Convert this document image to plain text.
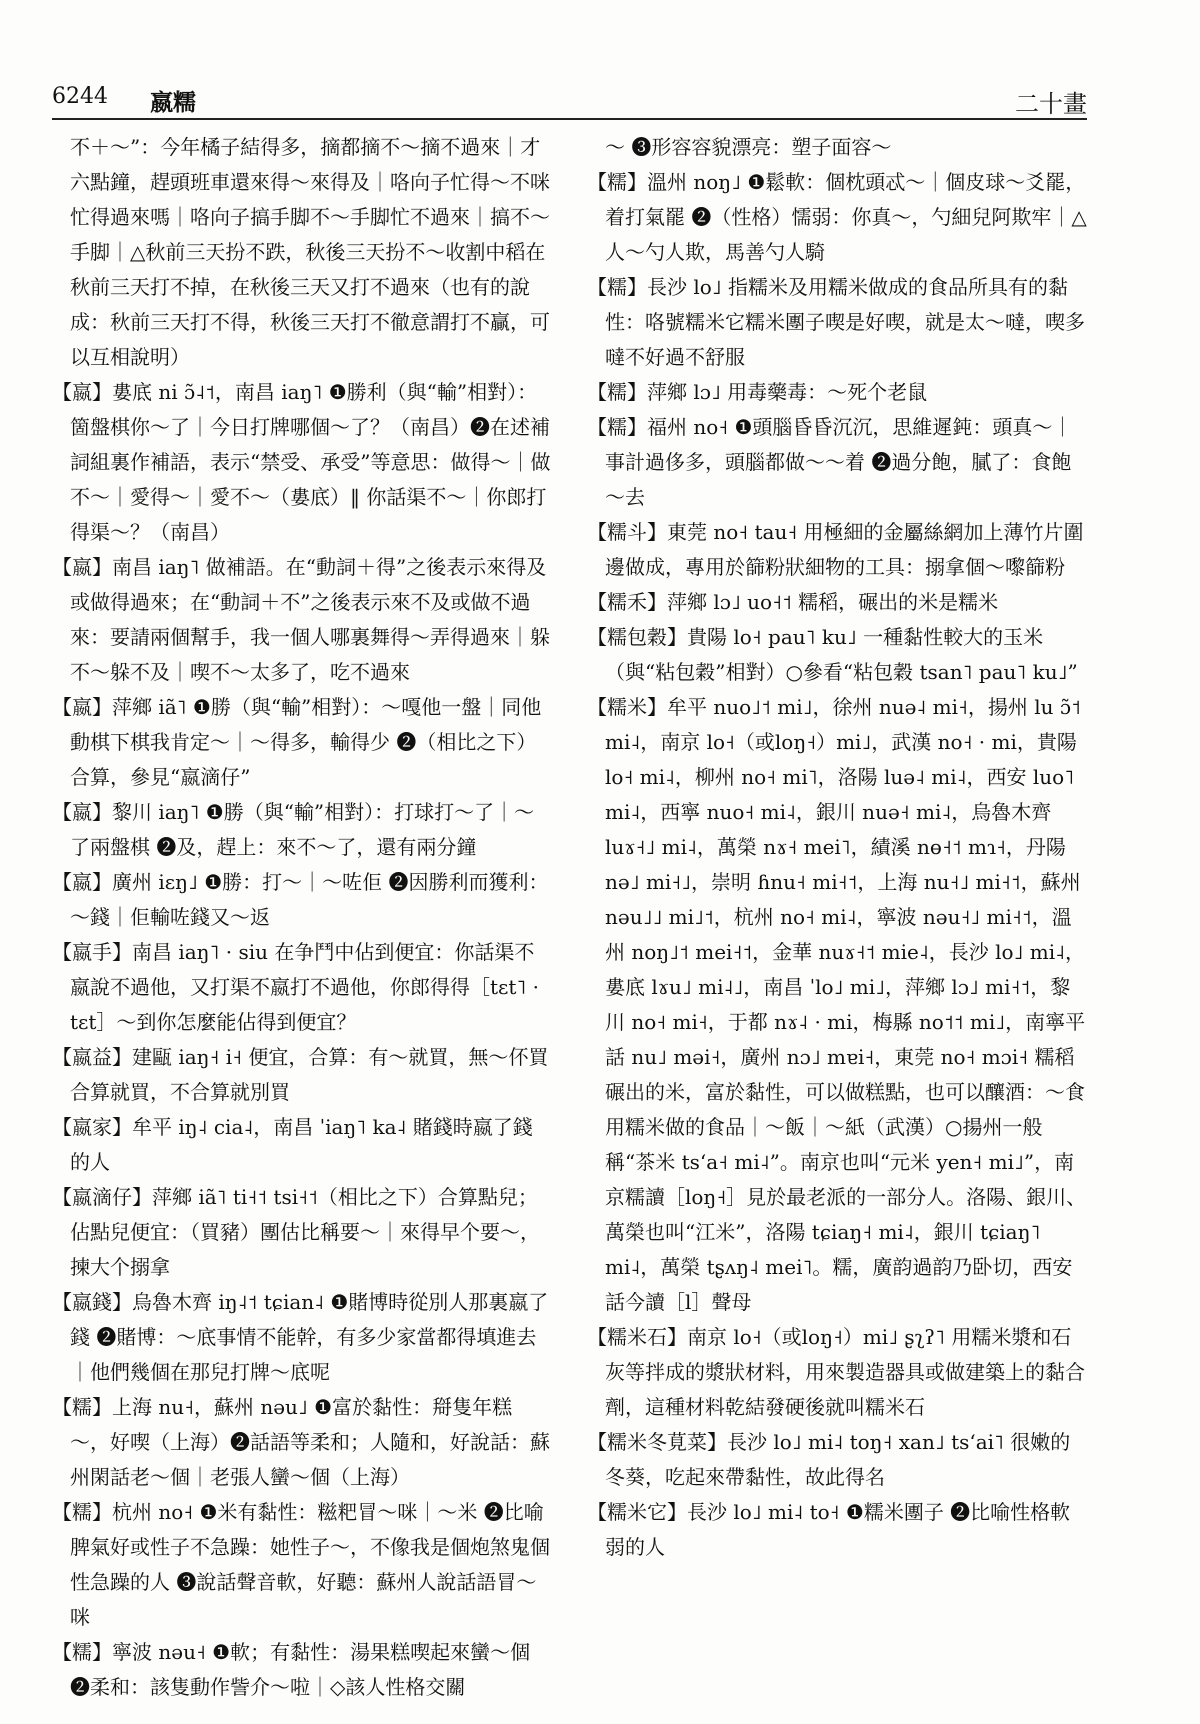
6244 嬴糯	二十畫

不＋～”：今年橘子結得多，摘都摘不～摘不過來｜才六點鐘，趕頭班車還來得～來得及｜咯向子忙得～不咪忙得過來嗎｜咯向子搞手脚不～手脚忙不過來｜搞不～手脚｜△秋前三天扮不跌，秋後三天扮不～收割中稻在秋前三天打不掉，在秋後三天又打不過來（也有的說成：秋前三天打不得，秋後三天打不徹意謂打不贏，可以互相說明）

【嬴】婁底 ni ɔ̃˨˦，南昌 iaŋ˥ ❶勝利（與“輸”相對）：箇盤棋你～了｜今日打牌哪個～了？（南昌）❷在述補詞組裏作補語，表示“禁受、承受”等意思：做得～｜做不～｜愛得～｜愛不～（婁底）‖ 你話渠不～｜你郎打得渠～？（南昌）

【嬴】南昌 iaŋ˥ 做補語。在“動詞＋得”之後表示來得及或做得過來；在“動詞＋不”之後表示來不及或做不過來：要請兩個幫手，我一個人哪裏舞得～弄得過來｜躲不～躲不及｜喫不～太多了，吃不過來

【嬴】萍鄉 iã˥ ❶勝（與“輸”相對）：～嘎他一盤｜同他動棋下棋我肯定～｜～得多，輸得少 ❷（相比之下）合算，參見“嬴滴仔”

【嬴】黎川 iaŋ˥ ❶勝（與“輸”相對）：打球打～了｜～了兩盤棋 ❷及，趕上：來不～了，還有兩分鐘

【嬴】廣州 iɛŋ˩ ❶勝：打～｜～咗佢 ❷因勝利而獲利：～錢｜佢輸咗錢又～返

【嬴手】南昌 iaŋ˥ · siu 在争鬥中佔到便宜：你話渠不嬴說不過他，又打渠不嬴打不過他，你郎得得［tɛt˥ · tɛt］～到你怎麼能佔得到便宜？

【嬴益】建甌 iaŋ˧ i˧ 便宜，合算：有～就買，無～伓買合算就買，不合算就別買

【嬴家】牟平 iŋ˨ cia˨，南昌 ˈiaŋ˥ ka˨ 賭錢時嬴了錢的人

【嬴滴仔】萍鄉 iã˥ ti˧˦ tsi˧˦（相比之下）合算點兒；佔點兒便宜：（買豬）團估比稱要～｜來得早个要～，揀大个搦拿

【嬴錢】烏魯木齊 iŋ˨˦ tɕian˨ ❶賭博時從別人那裏嬴了錢 ❷賭博：～底事情不能幹，有多少家當都得填進去｜他們幾個在那兒打牌～底呢

【糯】上海 nu˧，蘇州 nəu˩ ❶富於黏性：搿隻年糕～，好喫（上海）❷話語等柔和；人隨和，好說話：蘇州閑話老～個｜老張人蠻～個（上海）

【糯】杭州 no˧ ❶米有黏性：糍粑冒～咪｜～米 ❷比喻脾氣好或性子不急躁：她性子～，不像我是個炮煞鬼個性急躁的人 ❸說話聲音軟，好聽：蘇州人說話語冒～咪

【糯】寧波 nəu˧ ❶軟；有黏性：湯果糕喫起來蠻～個 ❷柔和：該隻動作訾介～啦｜◇該人性格交關

～ ❸形容容貌漂亮：塑子面容～

【糯】溫州 noŋ˩ ❶鬆軟：個枕頭忒～｜個皮球～爻罷，着打氣罷 ❷（性格）懦弱：你真～，勺細兒阿欺牢｜△人～勺人欺，馬善勺人騎

【糯】長沙 lo˩ 指糯米及用糯米做成的食品所具有的黏性：咯號糯米它糯米團子喫是好喫，就是太～噠，喫多噠不好過不舒服

【糯】萍鄉 lɔ˩ 用毒藥毒：～死个老鼠

【糯】福州 no˧ ❶頭腦昏昏沉沉，思維遲鈍：頭真～｜事計過侈多，頭腦都做～～着 ❷過分飽，膩了：食飽～去

【糯斗】東莞 no˧ tau˧ 用極細的金屬絲網加上薄竹片圍邊做成，專用於篩粉狀細物的工具：搦拿個～嚟篩粉

【糯禾】萍鄉 lɔ˩ uo˧˦ 糯稻，碾出的米是糯米

【糯包穀】貴陽 lo˧ pau˥ ku˩ 一種黏性較大的玉米（與“粘包穀”相對）○參看“粘包穀 tsan˥ pau˥ ku˩”

【糯米】牟平 nuo˩˦ mi˩，徐州 nuə˨ mi˧，揚州 lu ɔ̃˦ mi˨，南京 lo˧（或loŋ˧）mi˩，武漢 no˧ · mi，貴陽 lo˧ mi˨，柳州 no˧ mi˥，洛陽 luə˨ mi˨，西安 luo˥ mi˨，西寧 nuo˧ mi˨，銀川 nuə˧ mi˨，烏魯木齊 luɤ˧˩ mi˨，萬榮 nɤ˧ mei˥，績溪 nɵ˧˦ mɿ˧，丹陽 nə˩ mi˧˩，崇明 ɦnu˧ mi˧˦，上海 nu˧˩ mi˧˦，蘇州 nəu˩˩ mi˩˦，杭州 no˧ mi˨，寧波 nəu˧˩ mi˧˦，溫州 noŋ˩˦ mei˧˦，金華 nuɤ˧˦ mie˨，長沙 lo˩ mi˨，婁底 lɤu˩ mi˨˩，南昌 ˈlo˩ mi˩，萍鄉 lɔ˩ mi˧˦，黎川 no˧ mi˧，于都 nɤ˨ · mi，梅縣 no˦˦ mi˩，南寧平話 nu˩ məi˧，廣州 nɔ˩ mɐi˧，東莞 no˧ mɔi˧ 糯稻碾出的米，富於黏性，可以做糕點，也可以釀酒：～食用糯米做的食品｜～飯｜～紙（武漢）○揚州一般稱“茶米 tsʻa˧ mi˨”。南京也叫“元米 yen˧ mi˩”，南京糯讀［loŋ˧］見於最老派的一部分人。洛陽、銀川、萬榮也叫“江米”，洛陽 tɕiaŋ˧ mi˨，銀川 tɕiaŋ˥ mi˨，萬榮 tʂʌŋ˨ mei˥。糯，廣韵過韵乃卧切，西安話今讀［l］聲母

【糯米石】南京 lo˧（或loŋ˧）mi˩ ʂʅʔ˥ 用糯米漿和石灰等拌成的漿狀材料，用來製造器具或做建築上的黏合劑，這種材料乾結發硬後就叫糯米石

【糯米冬莧菜】長沙 lo˩ mi˨ toŋ˧ xan˩ tsʻai˥ 很嫩的冬葵，吃起來帶黏性，故此得名

【糯米它】長沙 lo˩ mi˨ to˧ ❶糯米團子 ❷比喻性格軟弱的人
